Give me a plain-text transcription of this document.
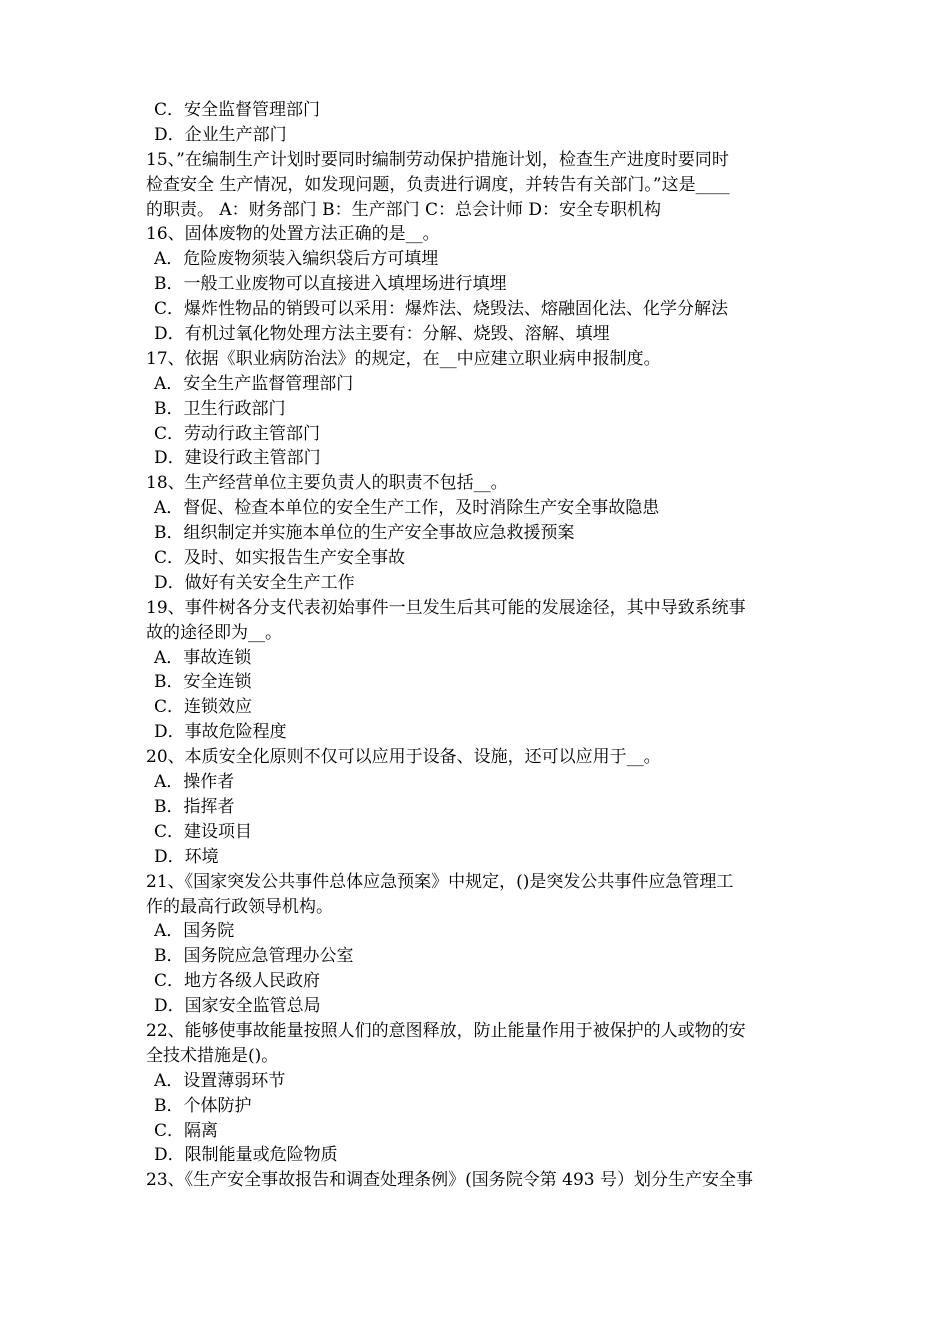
C．安全监督管理部门
D．企业生产部门
15、”在编制生产计划时要同时编制劳动保护措施计划，检查生产进度时要同时
检查安全 生产情况，如发现问题，负责进行调度，并转告有关部门。”这是____
的职责。 A：财务部门 B：生产部门 C：总会计师 D：安全专职机构
16、固体废物的处置方法正确的是__。
A．危险废物须装入编织袋后方可填埋
B．一般工业废物可以直接进入填埋场进行填埋
C．爆炸性物品的销毁可以采用：爆炸法、烧毁法、熔融固化法、化学分解法
D．有机过氧化物处理方法主要有：分解、烧毁、溶解、填埋
17、依据《职业病防治法》的规定，在__中应建立职业病申报制度。
A．安全生产监督管理部门
B．卫生行政部门
C．劳动行政主管部门
D．建设行政主管部门
18、生产经营单位主要负责人的职责不包括__。
A．督促、检查本单位的安全生产工作，及时消除生产安全事故隐患
B．组织制定并实施本单位的生产安全事故应急救援预案
C．及时、如实报告生产安全事故
D．做好有关安全生产工作
19、事件树各分支代表初始事件一旦发生后其可能的发展途径，其中导致系统事
故的途径即为__。
A．事故连锁
B．安全连锁
C．连锁效应
D．事故危险程度
20、本质安全化原则不仅可以应用于设备、设施，还可以应用于__。
A．操作者
B．指挥者
C．建设项目
D．环境
21、《国家突发公共事件总体应急预案》中规定，()是突发公共事件应急管理工
作的最高行政领导机构。
A．国务院
B．国务院应急管理办公室
C．地方各级人民政府
D．国家安全监管总局
22、能够使事故能量按照人们的意图释放，防止能量作用于被保护的人或物的安
全技术措施是()。
A．设置薄弱环节
B．个体防护
C．隔离
D．限制能量或危险物质
23、《生产安全事故报告和调查处理条例》(国务院令第 493 号）划分生产安全事
